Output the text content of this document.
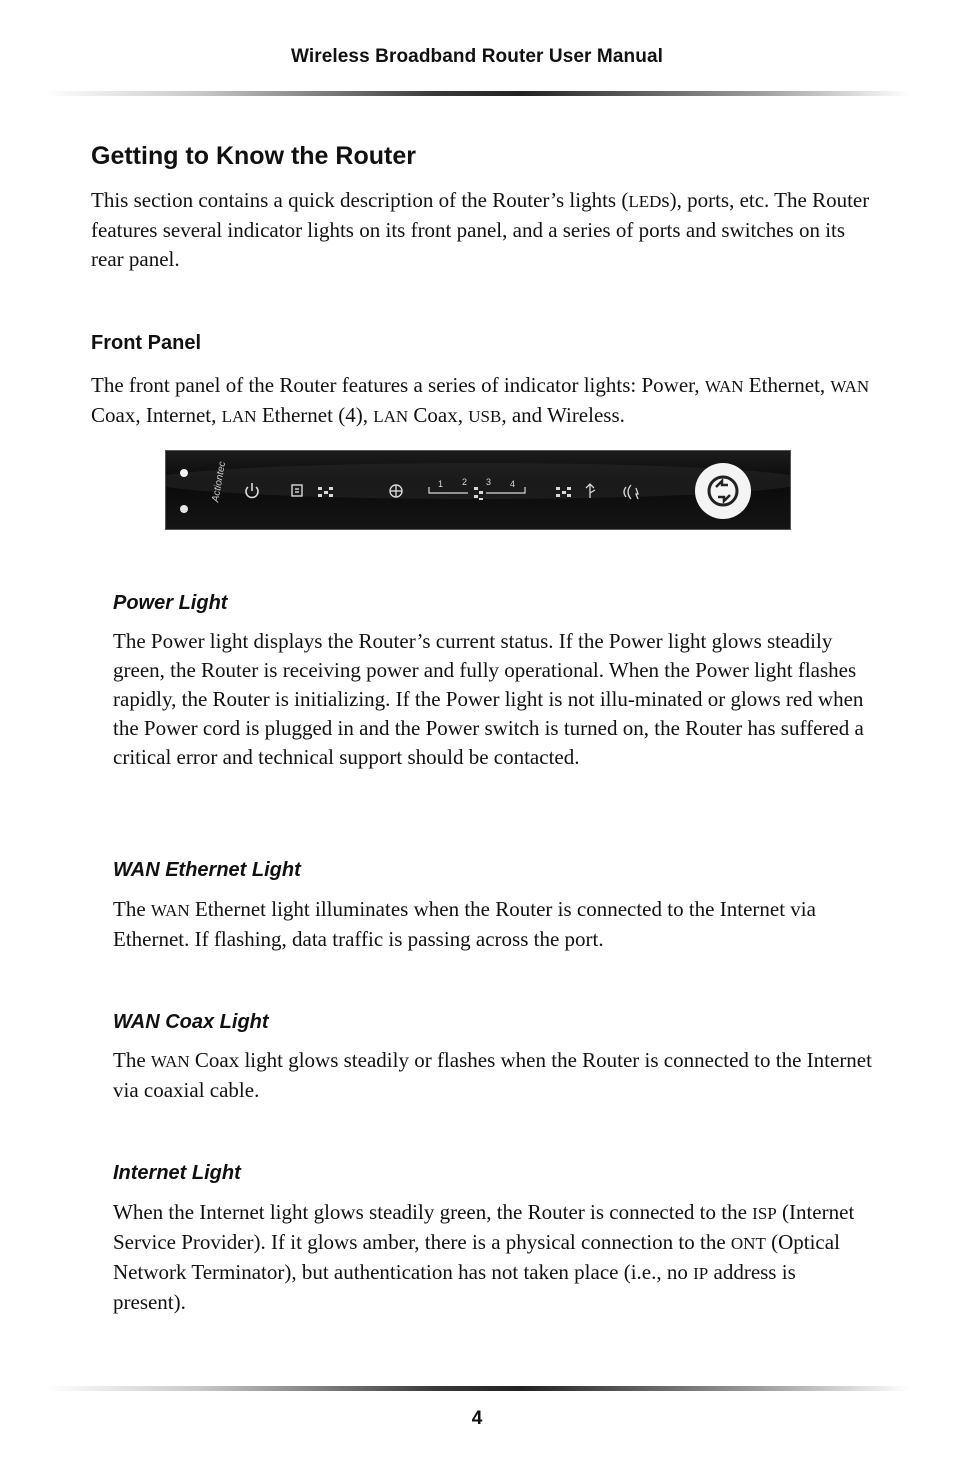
Wireless Broadband Router User Manual
Getting to Know the Router

This section contains a quick description of the Router’s lights (LEDs), ports, etc. The Router features several indicator lights on its front panel, and a series of ports and switches on its rear panel.

Front Panel

The front panel of the Router features a series of indicator lights: Power, WAN Ethernet, WAN Coax, Internet, LAN Ethernet (4), LAN Coax, USB, and Wireless.

Actiontec	1 2 3 4
Power Light

The Power light displays the Router’s current status. If the Power light glows steadily green, the Router is receiving power and fully operational. When the Power light flashes rapidly, the Router is initializing. If the Power light is not illu-minated or glows red when the Power cord is plugged in and the Power switch is turned on, the Router has suffered a critical error and technical support should be contacted.

WAN Ethernet Light

The WAN Ethernet light illuminates when the Router is connected to the Internet via Ethernet. If flashing, data traffic is passing across the port.

WAN Coax Light

The WAN Coax light glows steadily or flashes when the Router is connected to the Internet via coaxial cable.

Internet Light

When the Internet light glows steadily green, the Router is connected to the ISP (Internet Service Provider). If it glows amber, there is a physical connection to the ONT (Optical Network Terminator), but authentication has not taken place (i.e., no IP address is present).

4
